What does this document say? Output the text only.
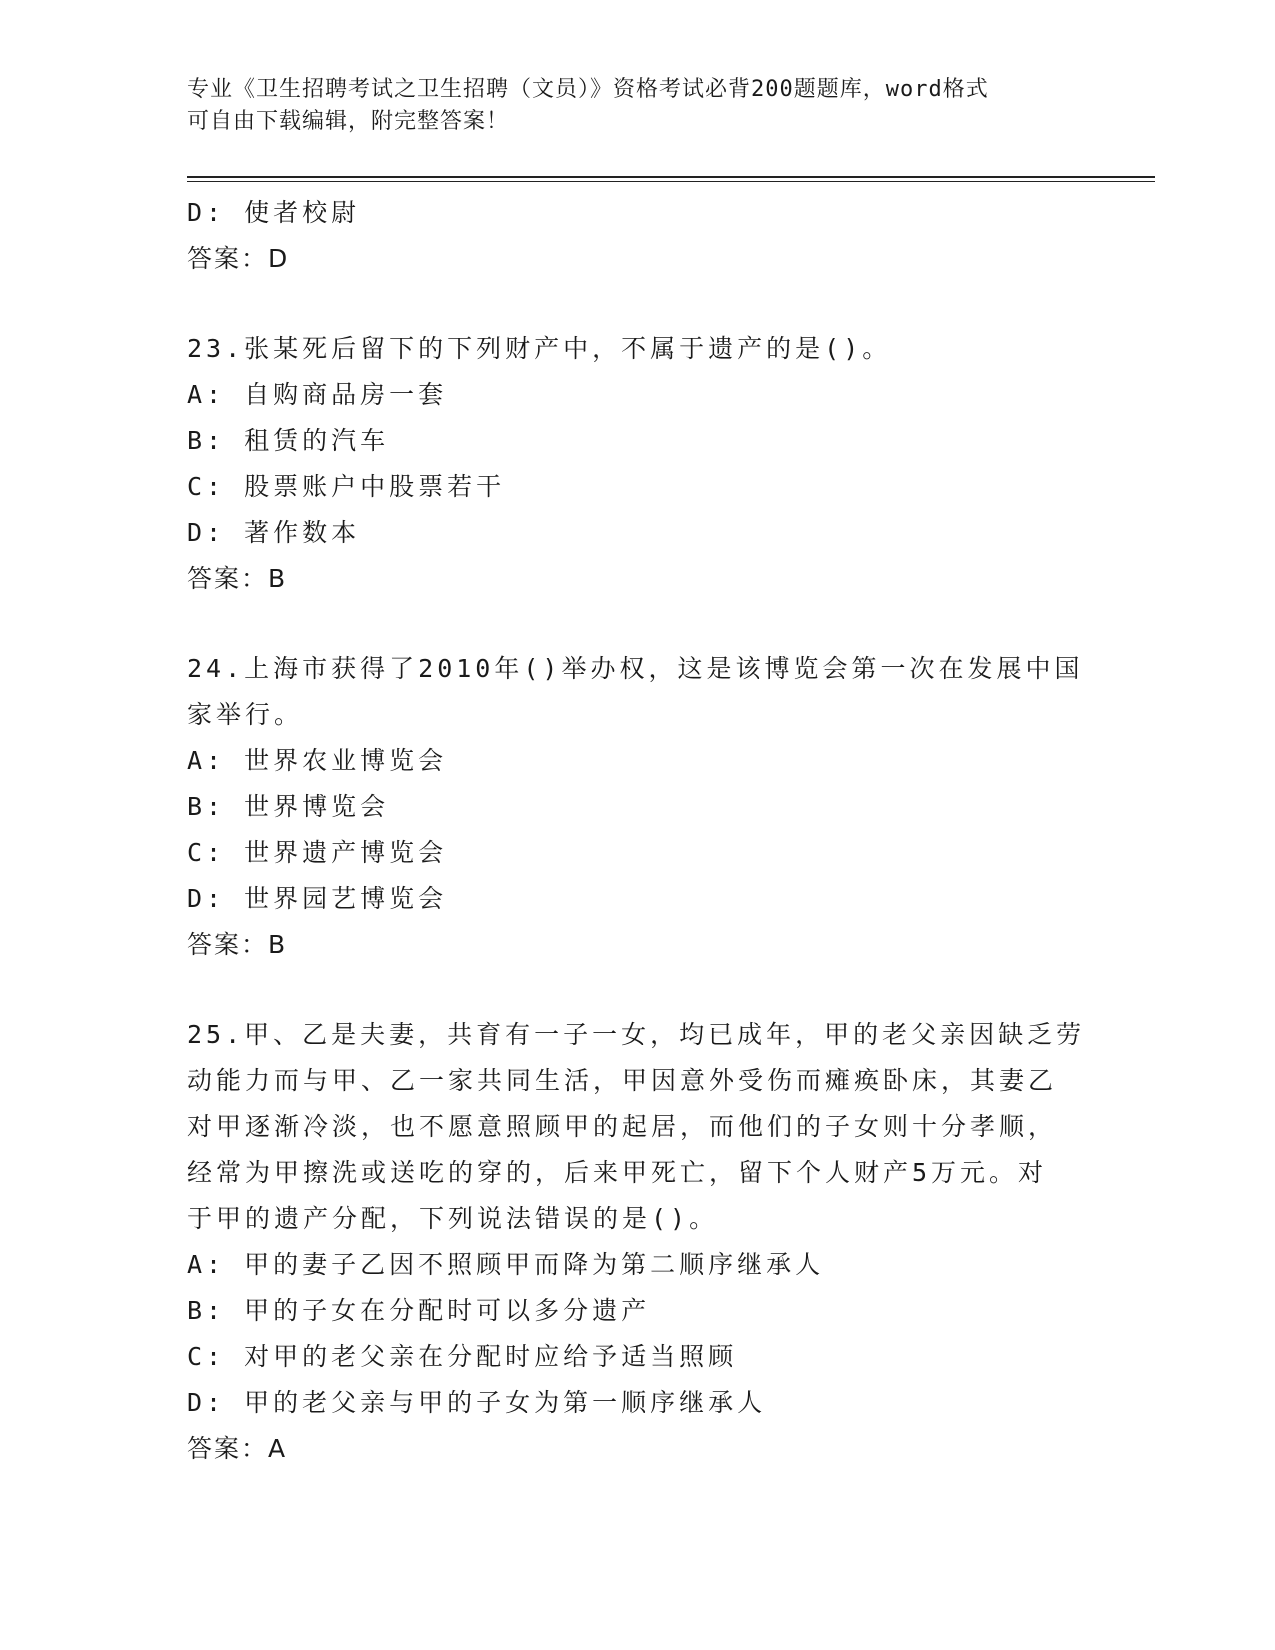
专业《卫生招聘考试之卫生招聘（文员）》资格考试必背200题题库，word格式
可自由下载编辑，附完整答案！
D: 使者校尉
答案：D
23.张某死后留下的下列财产中，不属于遗产的是()。
A: 自购商品房一套
B: 租赁的汽车
C: 股票账户中股票若干
D: 著作数本
答案：B
24.上海市获得了2010年()举办权，这是该博览会第一次在发展中国
家举行。
A: 世界农业博览会
B: 世界博览会
C: 世界遗产博览会
D: 世界园艺博览会
答案：B
25.甲、乙是夫妻，共育有一子一女，均已成年，甲的老父亲因缺乏劳
动能力而与甲、乙一家共同生活，甲因意外受伤而瘫痪卧床，其妻乙
对甲逐渐冷淡，也不愿意照顾甲的起居，而他们的子女则十分孝顺，
经常为甲擦洗或送吃的穿的，后来甲死亡，留下个人财产5万元。对
于甲的遗产分配，下列说法错误的是()。
A: 甲的妻子乙因不照顾甲而降为第二顺序继承人
B: 甲的子女在分配时可以多分遗产
C: 对甲的老父亲在分配时应给予适当照顾
D: 甲的老父亲与甲的子女为第一顺序继承人
答案：A
